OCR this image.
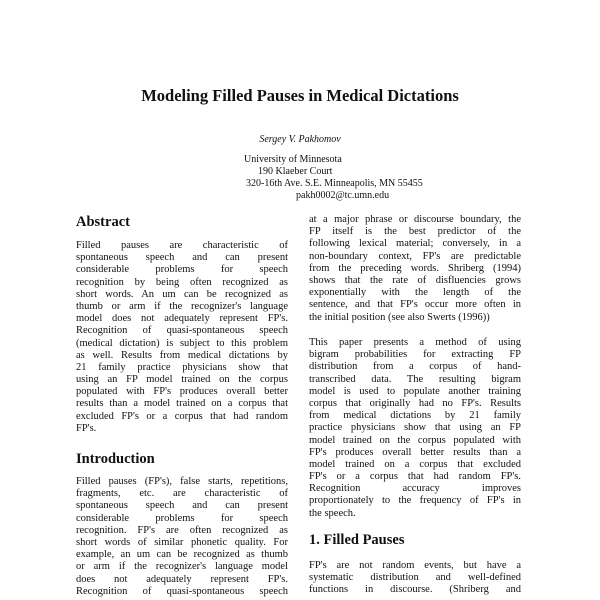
Modeling Filled Pauses in Medical Dictations
Sergey V. Pakhomov
University of Minnesota
190 Klaeber Court
320-16th Ave. S.E. Minneapolis, MN 55455
pakh0002@tc.umn.edu
Abstract
Filled pauses are characteristic of
spontaneous speech and can present
considerable problems for speech
recognition by being often recognized as
short words. An um can be recognized as
thumb or arm if the recognizer's language
model does not adequately represent FP's.
Recognition of quasi-spontaneous speech
(medical dictation) is subject to this problem
as well. Results from medical dictations by
21 family practice physicians show that
using an FP model trained on the corpus
populated with FP's produces overall better
results than a model trained on a corpus that
excluded FP's or a corpus that had random
FP's.
Introduction
Filled pauses (FP's), false starts, repetitions,
fragments, etc. are characteristic of
spontaneous speech and can present
considerable problems for speech
recognition. FP's are often recognized as
short words of similar phonetic quality. For
example, an um can be recognized as thumb
or arm if the recognizer's language model
does not adequately represent FP's.
Recognition of quasi-spontaneous speech
at a major phrase or discourse boundary, the
FP itself is the best predictor of the
following lexical material; conversely, in a
non-boundary context, FP's are predictable
from the preceding words. Shriberg (1994)
shows that the rate of disfluencies grows
exponentially with the length of the
sentence, and that FP's occur more often in
the initial position (see also Swerts (1996))
This paper presents a method of using
bigram probabilities for extracting FP
distribution from a corpus of hand-
transcribed data. The resulting bigram
model is used to populate another training
corpus that originally had no FP's. Results
from medical dictations by 21 family
practice physicians show that using an FP
model trained on the corpus populated with
FP's produces overall better results than a
model trained on a corpus that excluded
FP's or a corpus that had random FP's.
Recognition accuracy improves
proportionately to the frequency of FP's in
the speech.
1. Filled Pauses
FP's are not random events, but have a
systematic distribution and well-defined
functions in discourse. (Shriberg and
